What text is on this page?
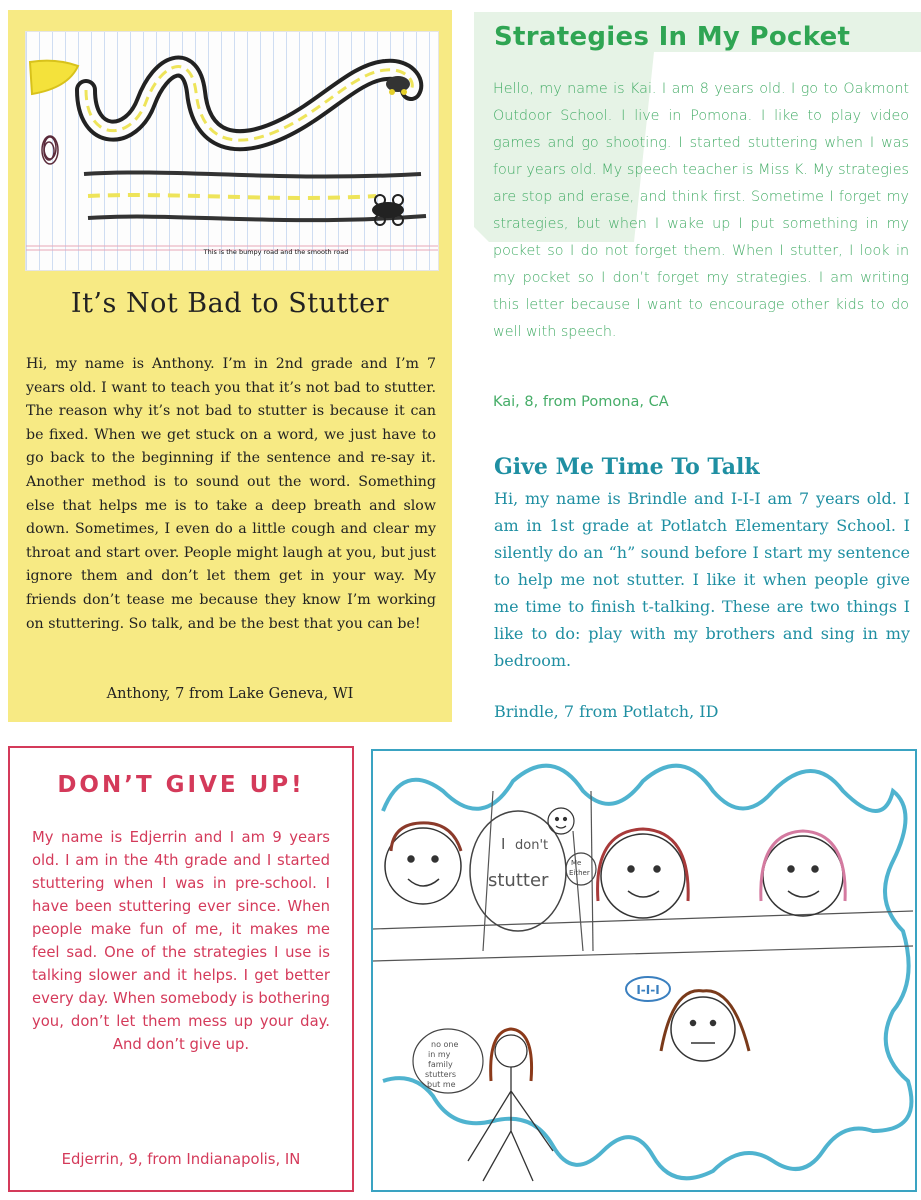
This is the bumpy road and the smooth road
It’s Not Bad to Stutter

Hi, my name is Anthony. I’m in 2nd grade and I’m 7 years old. I want to teach you that it’s not bad to stutter. The reason why it’s not bad to stutter is because it can be fixed. When we get stuck on a word, we just have to go back to the beginning if the sentence and re-say it. Another method is to sound out the word. Something else that helps me is to take a deep breath and slow down. Sometimes, I even do a little cough and clear my throat and start over. People might laugh at you, but just ignore them and don’t let them get in your way. My friends don’t tease me because they know I’m working on stuttering. So talk, and be the best that you can be!

Anthony, 7 from Lake Geneva, WI

Strategies In My Pocket

Hello, my name is Kai. I am 8 years old. I go to Oakmont Outdoor School. I live in Pomona. I like to play video games and go shooting. I started stuttering when I was four years old. My speech teacher is Miss K. My strategies are stop and erase, and think first. Sometime I forget my strategies, but when I wake up I put something in my pocket so I do not forget them. When I stutter, I look in my pocket so I don’t forget my strategies. I am writing this letter because I want to encourage other kids to do well with speech.

Kai, 8, from Pomona, CA

Give Me Time To Talk

Hi, my name is Brindle and I-I-I am 7 years old. I am in 1st grade at Potlatch Elementary School. I silently do an “h” sound before I start my sentence to help me not stutter. I like it when people give me time to finish t-talking. These are two things I like to do: play with my brothers and sing in my bedroom.

Brindle, 7 from Potlatch, ID

DON’T GIVE UP!

My name is Edjerrin and I am 9 years old. I am in the 4th grade and I started stuttering when I was in pre-school. I have been stuttering ever since. When people make fun of me, it makes me feel sad. One of the strategies I use is talking slower and it helps. I get better every day. When somebody is bothering you, don’t let them mess up your day. And don’t give up.

Edjerrin, 9, from Indianapolis, IN

I don't
stutter
Me
Either
I-I-I
no one
in my
family
stutters
but me
